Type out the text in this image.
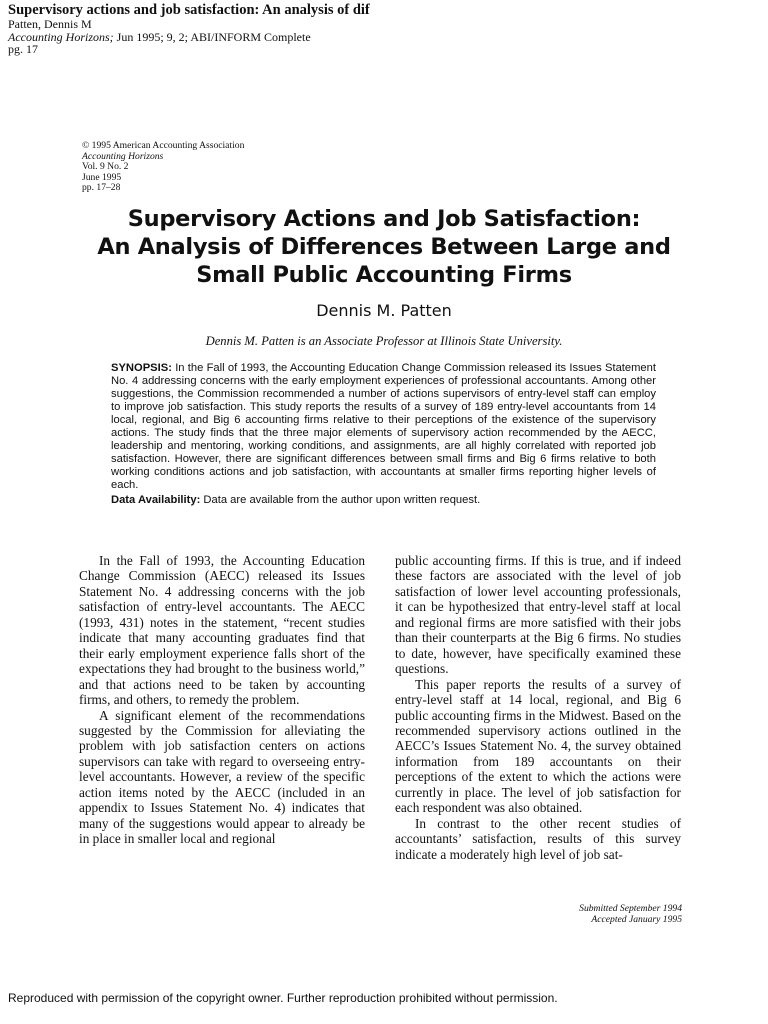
Supervisory actions and job satisfaction: An analysis of dif
Patten, Dennis M
Accounting Horizons; Jun 1995; 9, 2; ABI/INFORM Complete
pg. 17
© 1995 American Accounting Association
Accounting Horizons
Vol. 9 No. 2
June 1995
pp. 17–28
Supervisory Actions and Job Satisfaction:
An Analysis of Differences Between Large and
Small Public Accounting Firms
Dennis M. Patten
Dennis M. Patten is an Associate Professor at Illinois State University.

SYNOPSIS: In the Fall of 1993, the Accounting Education Change Commission released its Issues Statement No. 4 addressing concerns with the early employment experiences of professional accountants. Among other suggestions, the Commission recommended a number of actions supervisors of entry-level staff can employ to improve job satisfaction. This study reports the results of a survey of 189 entry-level accountants from 14 local, regional, and Big 6 accounting firms relative to their perceptions of the existence of the supervisory actions. The study finds that the three major elements of supervisory action recommended by the AECC, leadership and mentoring, working conditions, and assignments, are all highly correlated with reported job satisfaction. However, there are significant differences between small firms and Big 6 firms relative to both working conditions actions and job satisfaction, with accountants at smaller firms reporting higher levels of each.

Data Availability: Data are available from the author upon written request.

In the Fall of 1993, the Accounting Education Change Commission (AECC) released its Issues Statement No. 4 addressing concerns with the job satisfaction of entry-level accountants. The AECC (1993, 431) notes in the statement, “recent studies indicate that many accounting graduates find that their early employment experience falls short of the expectations they had brought to the business world,” and that actions need to be taken by accounting firms, and others, to remedy the problem.

A significant element of the recommendations suggested by the Commission for alleviating the problem with job satisfaction centers on actions supervisors can take with regard to overseeing entry-level accountants. However, a review of the specific action items noted by the AECC (included in an appendix to Issues Statement No. 4) indicates that many of the suggestions would appear to already be in place in smaller local and regional

public accounting firms. If this is true, and if indeed these factors are associated with the level of job satisfaction of lower level accounting professionals, it can be hypothesized that entry-level staff at local and regional firms are more satisfied with their jobs than their counterparts at the Big 6 firms. No studies to date, however, have specifically examined these questions.

This paper reports the results of a survey of entry-level staff at 14 local, regional, and Big 6 public accounting firms in the Midwest. Based on the recommended supervisory actions outlined in the AECC’s Issues Statement No. 4, the survey obtained information from 189 accountants on their perceptions of the extent to which the actions were currently in place. The level of job satisfaction for each respondent was also obtained.

In contrast to the other recent studies of accountants’ satisfaction, results of this survey indicate a moderately high level of job sat-

Submitted September 1994
Accepted January 1995
Reproduced with permission of the copyright owner. Further reproduction prohibited without permission.
